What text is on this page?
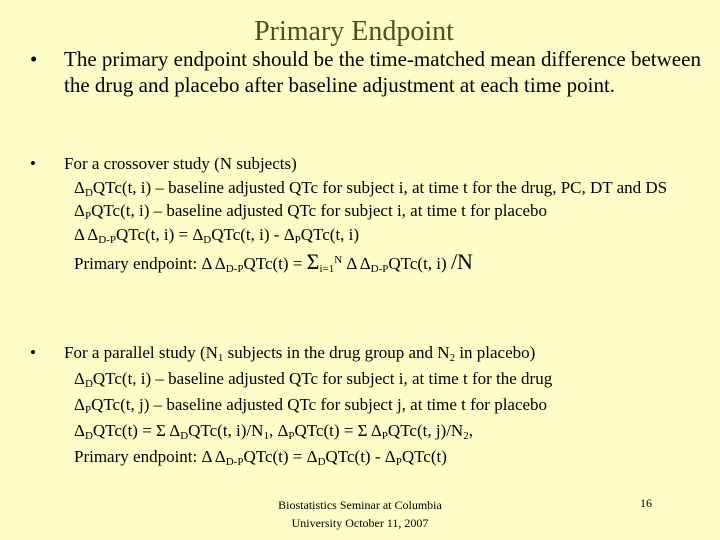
Primary Endpoint
• The primary endpoint should be the time-matched mean difference between the drug and placebo after baseline adjustment at each time point.
• For a crossover study (N subjects)
$\Delta_DQTc(t$, i) – baseline adjusted QTc for subject i, at time t for the drug, PC, DT and DS
$\Delta_PQTc(t$, i) – baseline adjusted QTc for subject i, at time t for placebo
Δ $\Delta_{D-P}QTc(t$, $i) = \Delta_DQTc(t$, $i) - \Delta_PQTc(t$, i)
Primary endpoint: Δ $\Delta_{D-P}QTc(t) = \Sigma_{i=1}^N$ Δ $\Delta_{D-P}QTc(t$, i) /N
• For a parallel study ($N_1$ subjects in the drug group and $N_2$ in placebo)
$\Delta_DQTc(t$, i) – baseline adjusted QTc for subject i, at time t for the drug
$\Delta_PQTc(t$, j) – baseline adjusted QTc for subject j, at time t for placebo
$\Delta_DQTc(t) = \Sigma$ $\Delta_DQTc(t$, $i)/N_1$, $\Delta_PQTc(t) = \Sigma$ $\Delta_PQTc(t$, $j)/N_2$,
Primary endpoint: Δ $\Delta_{D-P}QTc(t) = \Delta_DQTc(t) - \Delta_PQTc(t)$
Biostatistics Seminar at Columbia
University October 11, 2007
16
